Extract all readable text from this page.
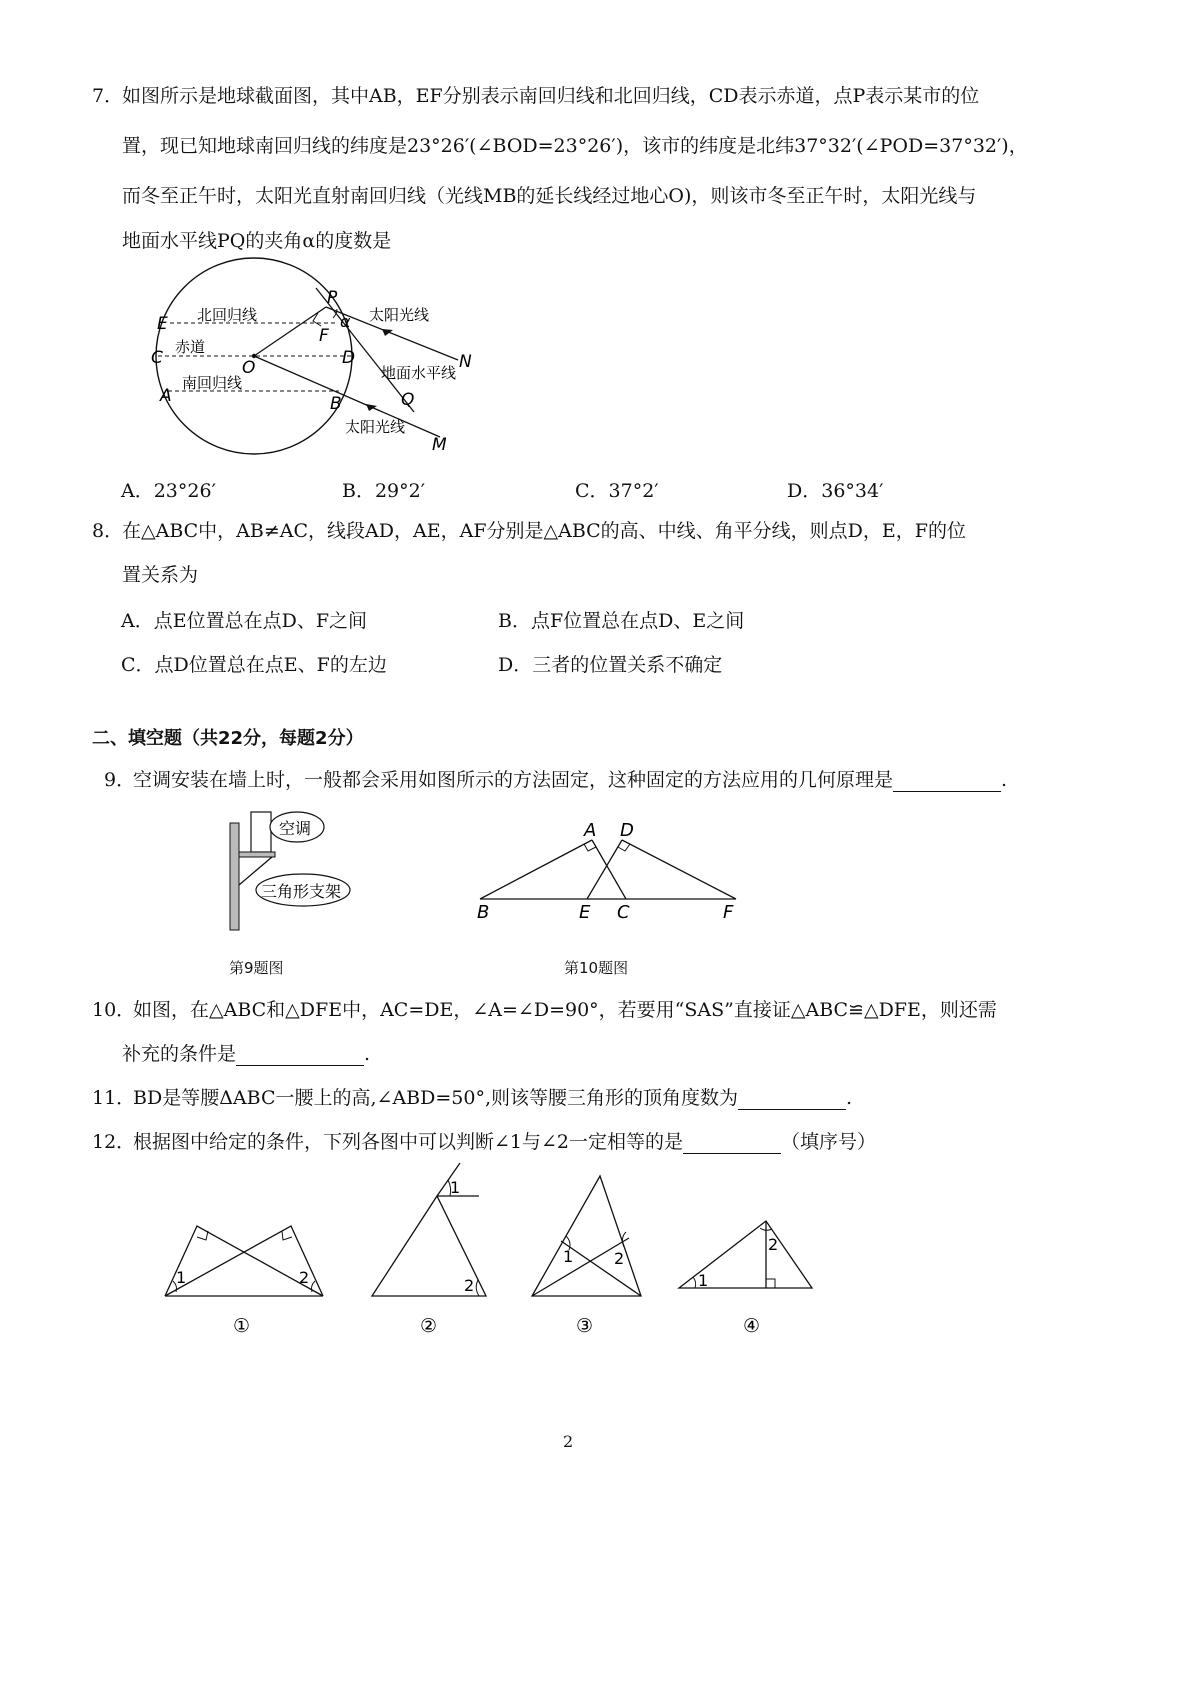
7．
如图所示是地球截面图，其中AB，EF分别表示南回归线和北回归线，CD表示赤道，点P表示某市的位
置，现已知地球南回归线的纬度是23°26′(∠BOD=23°26′)，该市的纬度是北纬37°32′(∠POD=37°32′)，
而冬至正午时，太阳光直射南回归线（光线MB的延长线经过地心O)，则该市冬至正午时，太阳光线与
地面水平线PQ的夹角α的度数是
北回归线
赤道
南回归线
太阳光线
太阳光线
地面水平线
E
C
A
P
F
D
O
B	Q
N
M
α
A．23°26′	B．29°2′	C．37°2′	D．36°34′
8．
在△ABC中，AB≠AC，线段AD，AE，AF分别是△ABC的高、中线、角平分线，则点D，E，F的位
置关系为
A．点E位置总在点D、F之间	B．点F位置总在点D、E之间
C．点D位置总在点E、F的左边	D．三者的位置关系不确定
二、填空题（共22分，每题2分）
9．
空调安装在墙上时，一般都会采用如图所示的方法固定，这种固定的方法应用的几何原理是	.
空调
三角形支架
第9题图
A D
B	E C	F
第10题图
10．
如图，在△ABC和△DFE中，AC=DE，∠A=∠D=90°，若要用“SAS”直接证△ABC≌△DFE，则还需
补充的条件是	.
11．
BD是等腰ΔABC一腰上的高,∠ABD=50°,则该等腰三角形的顶角度数为	.
12．
根据图中给定的条件，下列各图中可以判断∠1与∠2一定相等的是	（填序号）
1	2
1
2
1	2
1
2
①	②	③	④
2
